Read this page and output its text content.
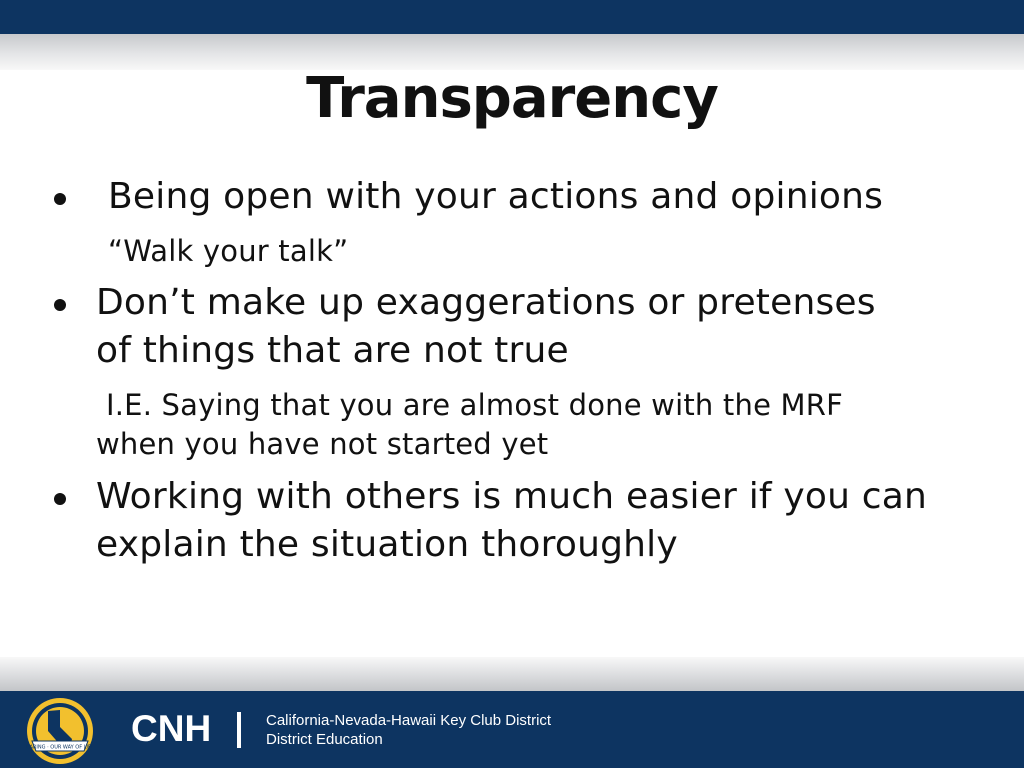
Transparency
Being open with your actions and opinions
“Walk your talk”
Don’t make up exaggerations or pretenses
of things that are not true
I.E. Saying that you are almost done with the MRF
when you have not started yet
Working with others is much easier if you can
explain the situation thoroughly
CARING · OUR WAY OF LIFE CNH	California-Nevada-Hawaii Key Club District
District Education
